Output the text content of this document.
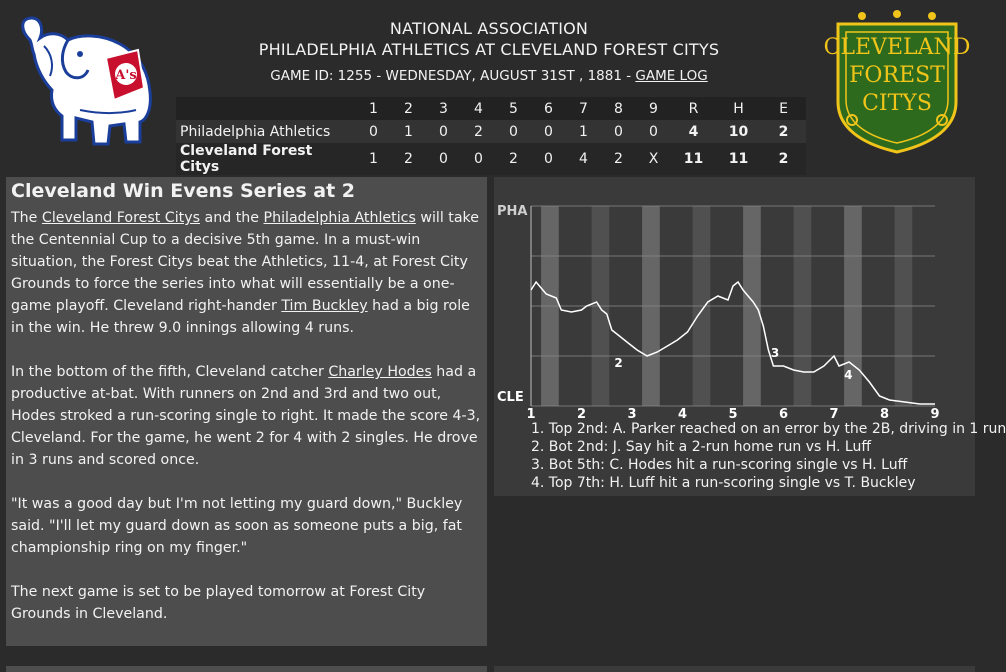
A's
NATIONAL ASSOCIATION
PHILADELPHIA ATHLETICS AT CLEVELAND FOREST CITYS
GAME ID: 1255 - WEDNESDAY, AUGUST 31ST , 1881 - GAME LOG
	1	2	3	4	5	6	7	8	9	R	H	E
Philadelphia Athletics	0	1	0	2	0	0	1	0	0	4	10	2
Cleveland Forest Citys	1	2	0	0	2	0	4	2	X	11	11	2
CLEVELAND
FOREST
CITYS
Cleveland Win Evens Series at 2

The Cleveland Forest Citys and the Philadelphia Athletics will take the Centennial Cup to a decisive 5th game. In a must-win situation, the Forest Citys beat the Athletics, 11-4, at Forest City Grounds to force the series into what will essentially be a one-game playoff. Cleveland right-hander Tim Buckley had a big role in the win. He threw 9.0 innings allowing 4 runs.

In the bottom of the fifth, Cleveland catcher Charley Hodes had a productive at-bat. With runners on 2nd and 3rd and two out, Hodes stroked a run-scoring single to right. It made the score 4-3, Cleveland. For the game, he went 2 for 4 with 2 singles. He drove in 3 runs and scored once.

"It was a good day but I'm not letting my guard down," Buckley said. "I'll let my guard down as soon as someone puts a big, fat championship ring on my finger."

The next game is set to be played tomorrow at Forest City Grounds in Cleveland.

2
3
4
1	2	3	4	5	6	7	8	9
PHA
CLE
1. Top 2nd: A. Parker reached on an error by the 2B, driving in 1 run
2. Bot 2nd: J. Say hit a 2-run home run vs H. Luff
3. Bot 5th: C. Hodes hit a run-scoring single vs H. Luff
4. Top 7th: H. Luff hit a run-scoring single vs T. Buckley
